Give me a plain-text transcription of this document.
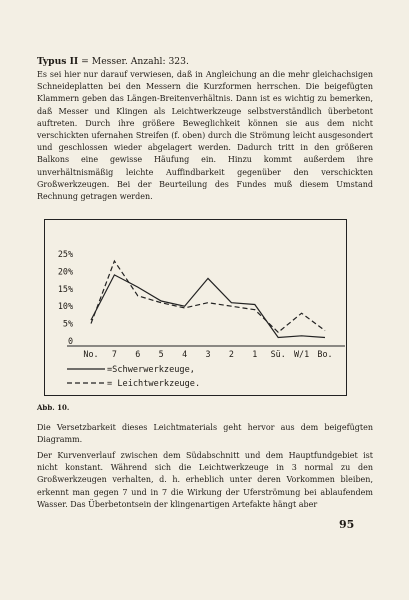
Typus II = Messer. Anzahl: 323.

Es sei hier nur darauf verwiesen, daß in Angleichung an die mehr gleichachsigen Schneideplatten bei den Messern die Kurzformen herrschen. Die beigefügten Klammern geben das Längen-Breitenverhältnis. Dann ist es wichtig zu bemerken, daß Messer und Klingen als Leichtwerkzeuge selbstverständlich überbetont auftreten. Durch ihre größere Beweglichkeit können sie aus dem nicht verschickten ufernahen Streifen (f. oben) durch die Strömung leicht ausgesondert und geschlossen wieder abgelagert werden. Dadurch tritt in den größeren Balkons eine gewisse Häufung ein. Hinzu kommt außerdem ihre unverhältnismäßig leichte Auffindbarkeit gegenüber den verschickten Großwerkzeugen. Bei der Beurteilung des Fundes muß diesem Umstand Rechnung getragen werden.

25%
20%
15%
10%
5%
0
No. 7 6 5 4 3 2 1 Sü. W/1 Bo.
=Schwerwerkzeuge,
= Leichtwerkzeuge.
Abb. 10.

Die Versetzbarkeit dieses Leichtmaterials geht hervor aus dem beigefügten Diagramm.

Der Kurvenverlauf zwischen dem Südabschnitt und dem Hauptfundgebiet ist nicht konstant. Während sich die Leichtwerkzeuge in 3 normal zu den Großwerkzeugen verhalten, d. h. erheblich unter deren Vorkommen bleiben, erkennt man gegen 7 und in 7 die Wirkung der Uferströmung bei ablaufendem Wasser. Das Überbetontsein der klingenartigen Artefakte hängt aber

95
